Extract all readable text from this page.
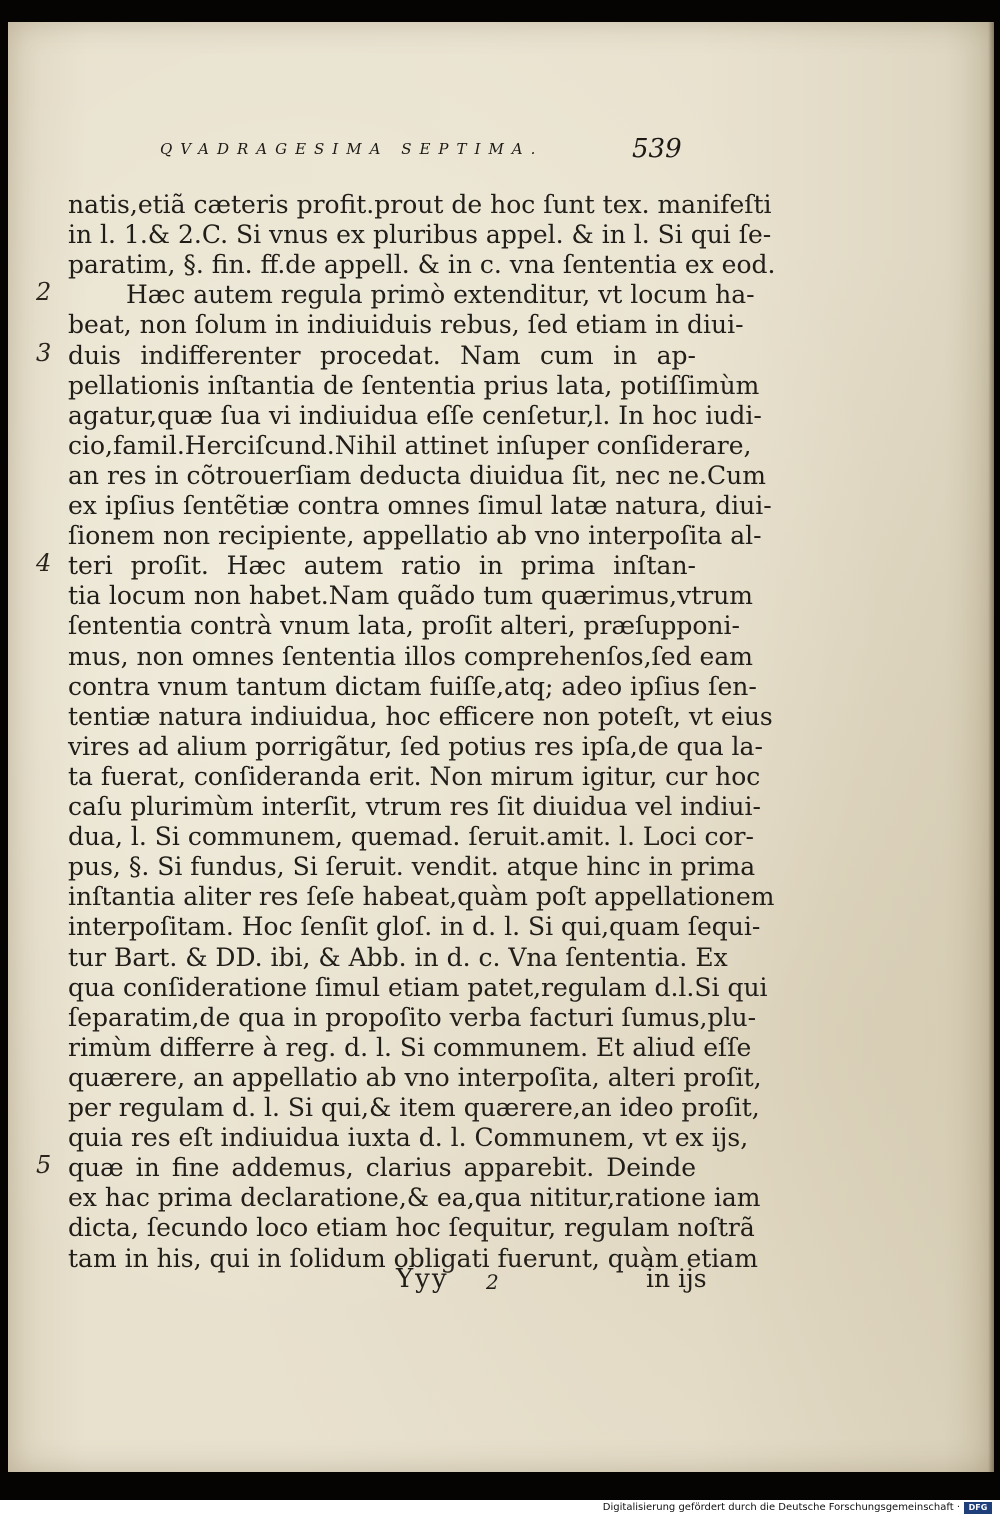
QVADRAGESIMA SEPTIMA.	539
natis,etiã cæteris profit.prout de hoc ſunt tex. manifeſti
in l. 1.& 2.C. Si vnus ex pluribus appel. & in l. Si qui ſe-
paratim, §. fin. ff.de appell. & in c. vna ſententia ex eod.
Hæc autem regula primò extenditur, vt locum ha-
beat, non ſolum in indiuiduis rebus, ſed etiam in diui-
duis indifferenter procedat. Nam cum in ap-
pellationis inſtantia de ſententia prius lata, potiſſimùm
agatur,quæ ſua vi indiuidua eſſe cenſetur,l. In hoc iudi-
cio,famil.Herciſcund.Nihil attinet inſuper conſiderare,
an res in cõtrouerſiam deducta diuidua ſit, nec ne.Cum
ex ipſius ſentẽtiæ contra omnes ſimul latæ natura, diui-
ſionem non recipiente, appellatio ab vno interpoſita al-
teri proſit. Hæc autem ratio in prima inſtan-
tia locum non habet.Nam quãdo tum quærimus,vtrum
ſententia contrà vnum lata, proſit alteri, præſupponi-
mus, non omnes ſententia illos comprehenſos,ſed eam
contra vnum tantum dictam fuiſſe,atq; adeo ipſius ſen-
tentiæ natura indiuidua, hoc efficere non poteſt, vt eius
vires ad alium porrigãtur, ſed potius res ipſa,de qua la-
ta fuerat, conſideranda erit. Non mirum igitur, cur hoc
caſu plurimùm interſit, vtrum res ſit diuidua vel indiui-
dua, l. Si communem, quemad. ſeruit.amit. l. Loci cor-
pus, §. Si fundus, Si ſeruit. vendit. atque hinc in prima
inſtantia aliter res ſeſe habeat,quàm poſt appellationem
interpoſitam. Hoc ſenſit gloſ. in d. l. Si qui,quam ſequi-
tur Bart. & DD. ibi, & Abb. in d. c. Vna ſententia. Ex
qua conſideratione ſimul etiam patet,regulam d.l.Si qui
ſeparatim,de qua in propoſito verba facturi ſumus,plu-
rimùm differre à reg. d. l. Si communem. Et aliud eſſe
quærere, an appellatio ab vno interpoſita, alteri proſit,
per regulam d. l. Si qui,& item quærere,an ideo proſit,
quia res eſt indiuidua iuxta d. l. Communem, vt ex ijs,
quæ in fine addemus, clarius apparebit. Deinde
ex hac prima declaratione,& ea,qua nititur,ratione iam
dicta, ſecundo loco etiam hoc ſequitur, regulam noſtrã
tam in his, qui in ſolidum obligati fuerunt, quàm etiam
2
3
4
5
Yyy 2	in ijs
Digitalisierung gefördert durch die Deutsche Forschungsgemeinschaft ·	DFG
